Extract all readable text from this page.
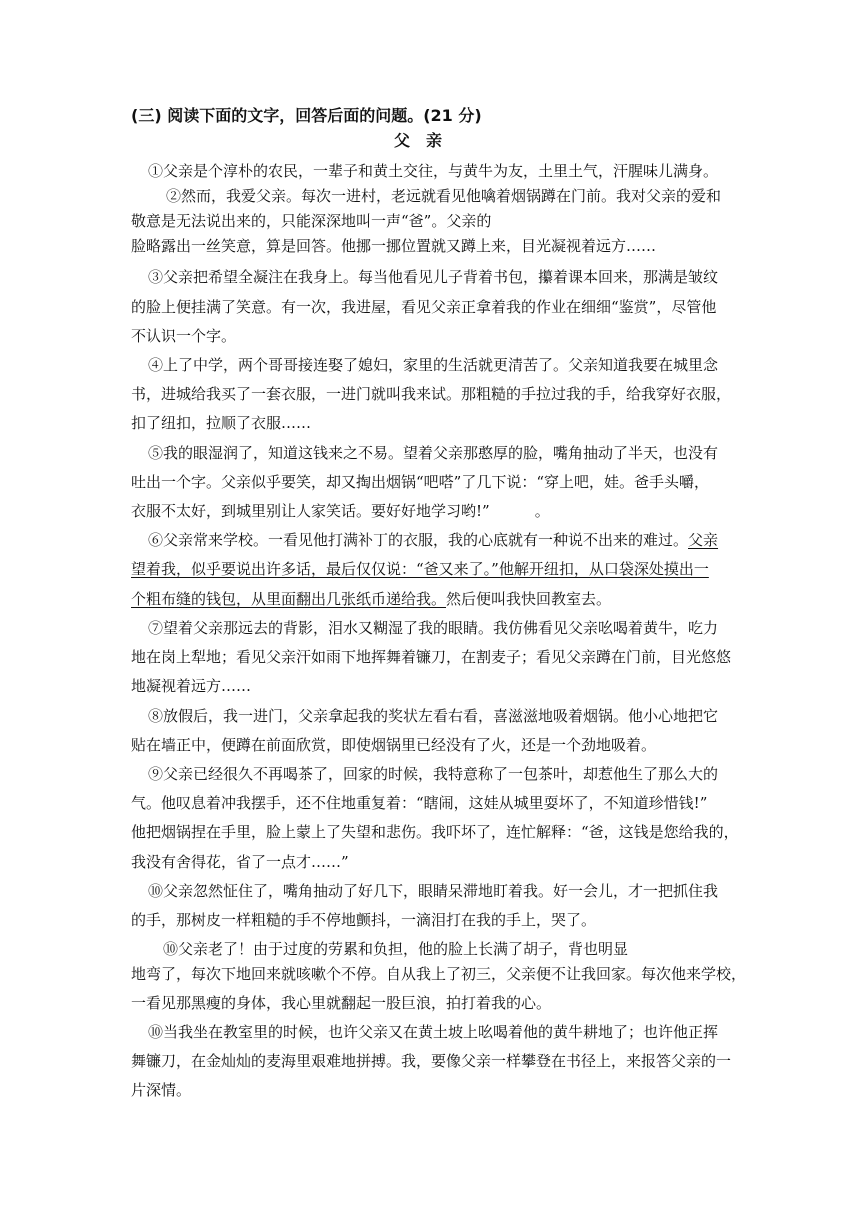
(三) 阅读下面的文字，回答后面的问题。(21 分)
父　亲
①父亲是个淳朴的农民，一辈子和黄土交往，与黄牛为友，土里土气，汗腥味儿满身。
②然而，我爱父亲。每次一进村，老远就看见他噙着烟锅蹲在门前。我对父亲的爱和
敬意是无法说出来的，只能深深地叫一声“爸”。父亲的
脸略露出一丝笑意，算是回答。他挪一挪位置就又蹲上来，目光凝视着远方……
③父亲把希望全凝注在我身上。每当他看见儿子背着书包，攥着课本回来，那满是皱纹
的脸上便挂满了笑意。有一次，我进屋，看见父亲正拿着我的作业在细细“鉴赏”，尽管他
不认识一个字。
④上了中学，两个哥哥接连娶了媳妇，家里的生活就更清苦了。父亲知道我要在城里念
书，进城给我买了一套衣服，一进门就叫我来试。那粗糙的手拉过我的手，给我穿好衣服，
扣了纽扣，拉顺了衣服……
⑤我的眼湿润了，知道这钱来之不易。望着父亲那憨厚的脸，嘴角抽动了半天，也没有
吐出一个字。父亲似乎要笑，却又掏出烟锅“吧嗒”了几下说：“穿上吧，娃。爸手头嚼，
衣服不太好，到城里别让人家笑话。要好好地学习哟!”　　　。
⑥父亲常来学校。一看见他打满补丁的衣服，我的心底就有一种说不出来的难过。父亲
望着我，似乎要说出许多话，最后仅仅说：“爸又来了。”他解开纽扣，从口袋深处摸出一
个粗布缝的钱包，从里面翻出几张纸币递给我。然后便叫我快回教室去。
⑦望着父亲那远去的背影，泪水又糊湿了我的眼睛。我仿佛看见父亲吆喝着黄牛，吃力
地在岗上犁地；看见父亲汗如雨下地挥舞着镰刀，在割麦子；看见父亲蹲在门前，目光悠悠
地凝视着远方……
⑧放假后，我一进门，父亲拿起我的奖状左看右看，喜滋滋地吸着烟锅。他小心地把它
贴在墙正中，便蹲在前面欣赏，即使烟锅里已经没有了火，还是一个劲地吸着。
⑨父亲已经很久不再喝茶了，回家的时候，我特意称了一包茶叶，却惹他生了那么大的
气。他叹息着冲我摆手，还不住地重复着：“瞎闹，这娃从城里耍坏了，不知道珍惜钱!”
他把烟锅捏在手里，脸上蒙上了失望和悲伤。我吓坏了，连忙解释：“爸，这钱是您给我的，
我没有舍得花，省了一点才……”
⑩父亲忽然怔住了，嘴角抽动了好几下，眼睛呆滞地盯着我。好一会儿，才一把抓住我
的手，那树皮一样粗糙的手不停地颤抖，一滴泪打在我的手上，哭了。
⑩父亲老了！由于过度的劳累和负担，他的脸上长满了胡子，背也明显
地弯了，每次下地回来就咳嗽个不停。自从我上了初三，父亲便不让我回家。每次他来学校，
一看见那黑瘦的身体，我心里就翻起一股巨浪，拍打着我的心。
⑩当我坐在教室里的时候，也许父亲又在黄土坡上吆喝着他的黄牛耕地了；也许他正挥
舞镰刀，在金灿灿的麦海里艰难地拼搏。我，要像父亲一样攀登在书径上，来报答父亲的一
片深情。
